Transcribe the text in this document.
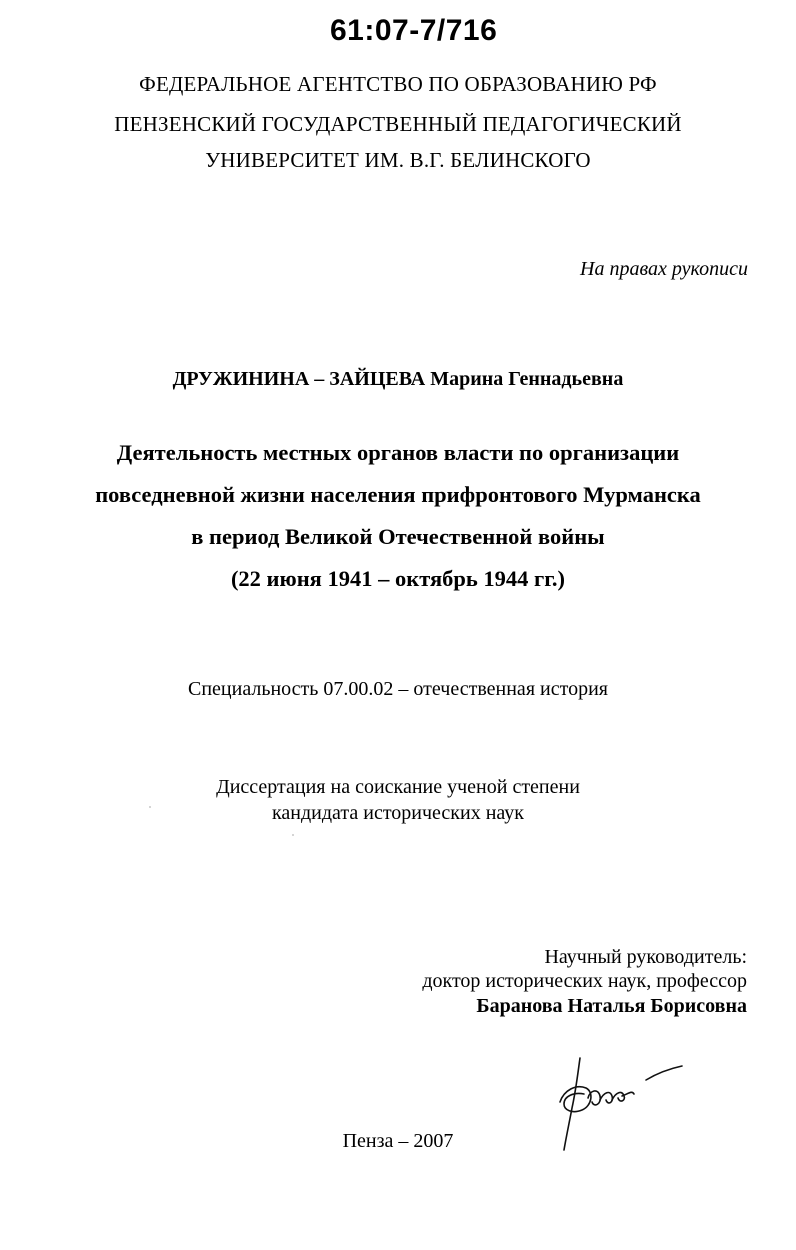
61:07-7/716
ФЕДЕРАЛЬНОЕ АГЕНТСТВО ПО ОБРАЗОВАНИЮ РФ
ПЕНЗЕНСКИЙ ГОСУДАРСТВЕННЫЙ ПЕДАГОГИЧЕСКИЙ
УНИВЕРСИТЕТ ИМ. В.Г. БЕЛИНСКОГО
На правах рукописи
ДРУЖИНИНА – ЗАЙЦЕВА Марина Геннадьевна
Деятельность местных органов власти по организации
повседневной жизни населения прифронтового Мурманска
в период Великой Отечественной войны
(22 июня 1941 – октябрь 1944 гг.)
Специальность 07.00.02 – отечественная история
Диссертация на соискание ученой степени
кандидата исторических наук
Научный руководитель:
доктор исторических наук, профессор
Баранова Наталья Борисовна
Пенза – 2007
